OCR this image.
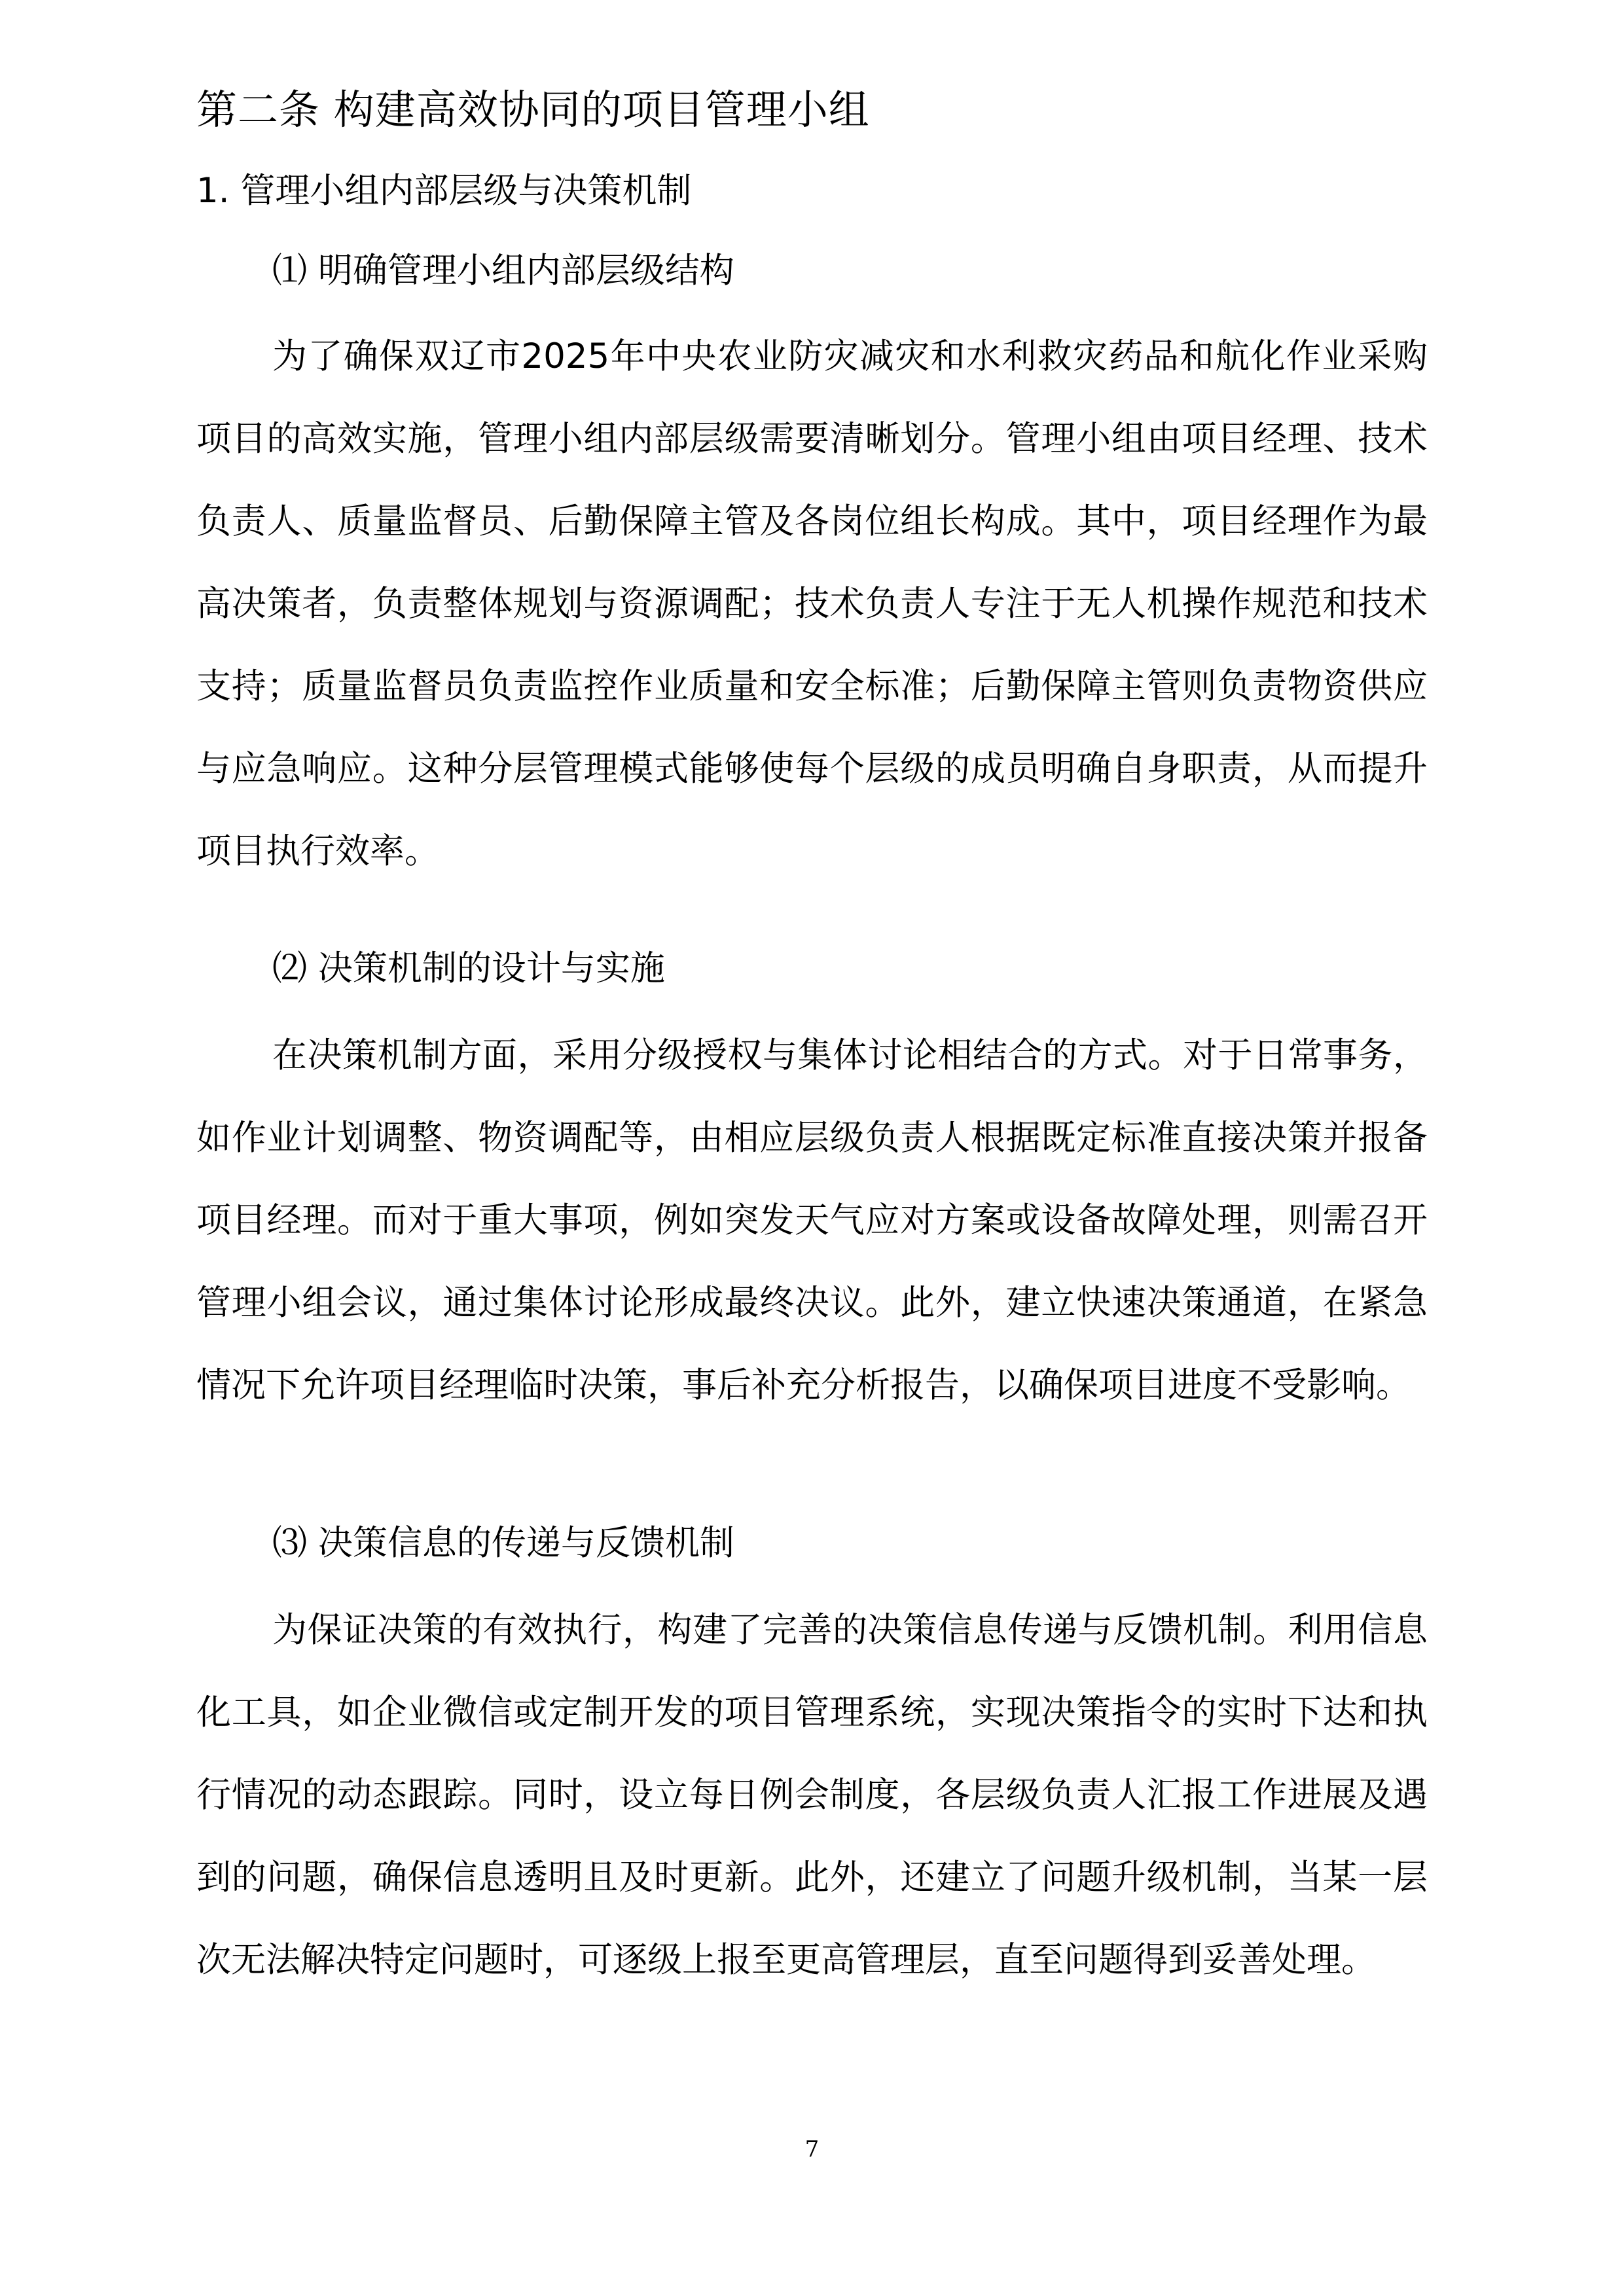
第二条 构建高效协同的项目管理小组
1. 管理小组内部层级与决策机制
⑴ 明确管理小组内部层级结构

为了确保双辽市2025年中央农业防灾减灾和水利救灾药品和航化作业采购项目的高效实施，管理小组内部层级需要清晰划分。管理小组由项目经理、技术负责人、质量监督员、后勤保障主管及各岗位组长构成。其中，项目经理作为最高决策者，负责整体规划与资源调配；技术负责人专注于无人机操作规范和技术支持；质量监督员负责监控作业质量和安全标准；后勤保障主管则负责物资供应与应急响应。这种分层管理模式能够使每个层级的成员明确自身职责，从而提升项目执行效率。

⑵ 决策机制的设计与实施

在决策机制方面，采用分级授权与集体讨论相结合的方式。对于日常事务，如作业计划调整、物资调配等，由相应层级负责人根据既定标准直接决策并报备项目经理。而对于重大事项，例如突发天气应对方案或设备故障处理，则需召开管理小组会议，通过集体讨论形成最终决议。此外，建立快速决策通道，在紧急情况下允许项目经理临时决策，事后补充分析报告，以确保项目进度不受影响。

⑶ 决策信息的传递与反馈机制

为保证决策的有效执行，构建了完善的决策信息传递与反馈机制。利用信息化工具，如企业微信或定制开发的项目管理系统，实现决策指令的实时下达和执行情况的动态跟踪。同时，设立每日例会制度，各层级负责人汇报工作进展及遇到的问题，确保信息透明且及时更新。此外，还建立了问题升级机制，当某一层次无法解决特定问题时，可逐级上报至更高管理层，直至问题得到妥善处理。

7
